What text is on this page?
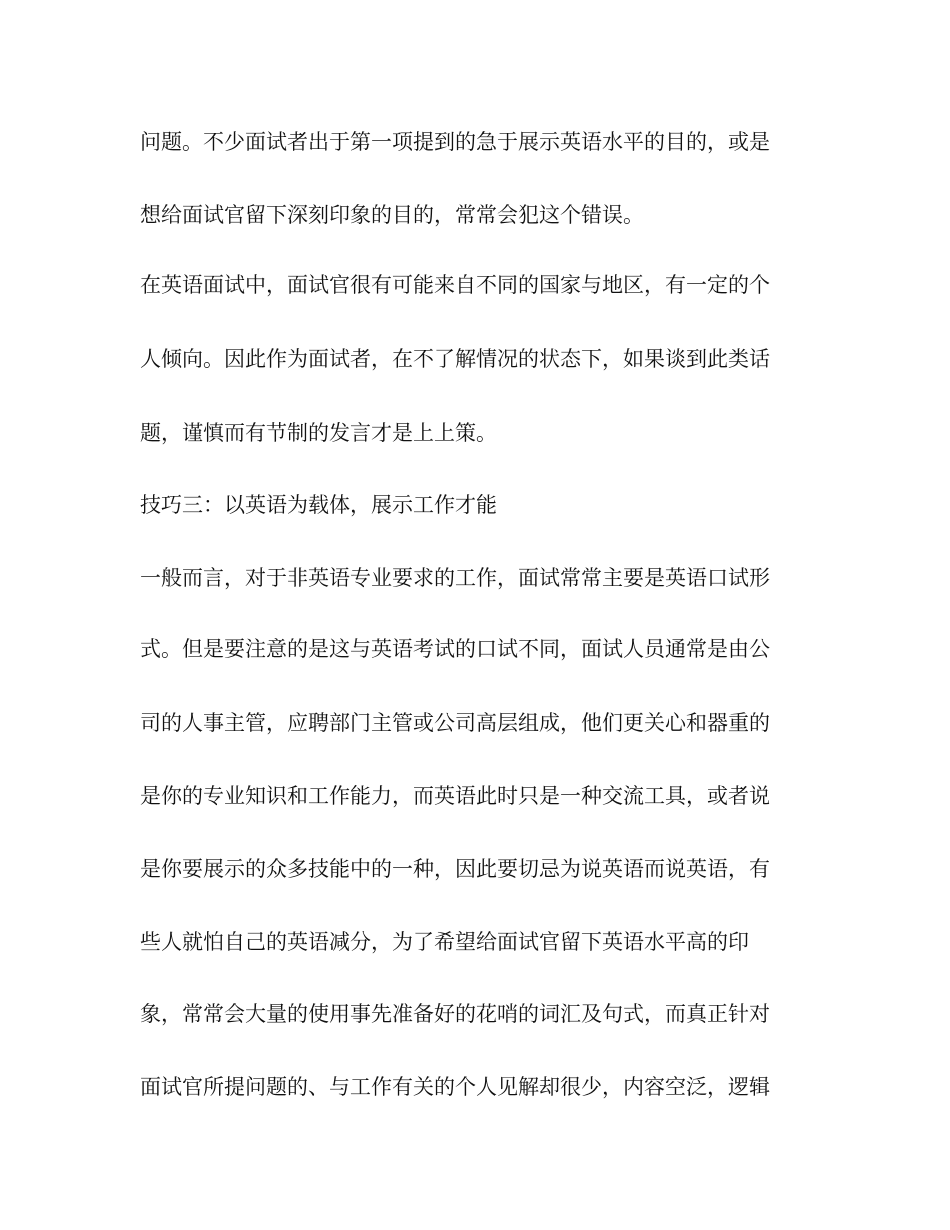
问题。不少面试者出于第一项提到的急于展示英语水平的目的，或是
想给面试官留下深刻印象的目的，常常会犯这个错误。
在英语面试中，面试官很有可能来自不同的国家与地区，有一定的个
人倾向。因此作为面试者，在不了解情况的状态下，如果谈到此类话
题，谨慎而有节制的发言才是上上策。
技巧三：以英语为载体，展示工作才能
一般而言，对于非英语专业要求的工作，面试常常主要是英语口试形
式。但是要注意的是这与英语考试的口试不同，面试人员通常是由公
司的人事主管，应聘部门主管或公司高层组成，他们更关心和器重的
是你的专业知识和工作能力，而英语此时只是一种交流工具，或者说
是你要展示的众多技能中的一种，因此要切忌为说英语而说英语，有
些人就怕自己的英语减分，为了希望给面试官留下英语水平高的印
象，常常会大量的使用事先准备好的花哨的词汇及句式，而真正针对
面试官所提问题的、与工作有关的个人见解却很少，内容空泛，逻辑
